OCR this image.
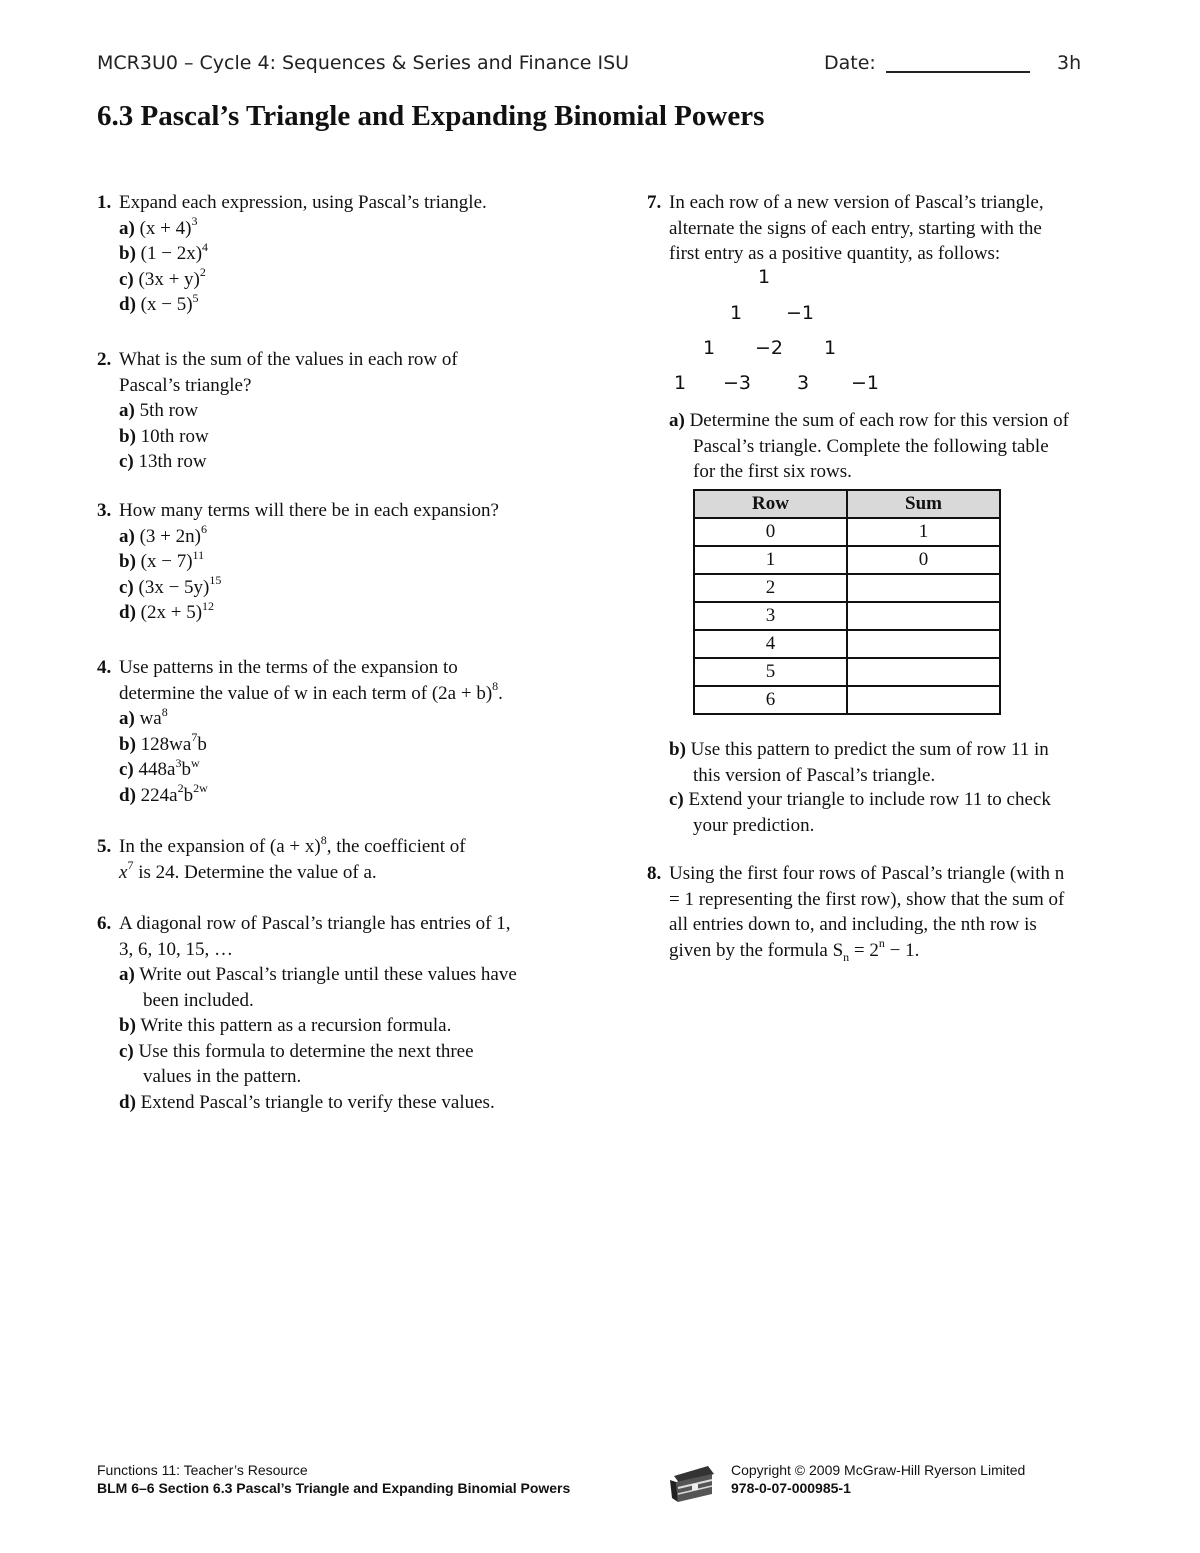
MCR3U0 – Cycle 4: Sequences & Series and Finance ISU	Date:	3h
6.3 Pascal’s Triangle and Expanding Binomial Powers
1. Expand each expression, using Pascal’s triangle.
a) $(x + 4)^3$
b) $(1 - 2x)^4$
c) $(3x + y)^2$
d) $(x - 5)^5$
2. What is the sum of the values in each row of
Pascal’s triangle?
a) 5th row
b) 10th row
c) 13th row
3. How many terms will there be in each expansion?
a) $(3 + 2n)^6$
b) $(x - 7)^{11}$
c) $(3x - 5y)^{15}$
d) $(2x + 5)^{12}$
4. Use patterns in the terms of the expansion to
determine the value of w in each term of $(2a + b)^8$.
a) $wa^8$
b) $128wa^7b$
c) $448a^3b^w$
d) $224a^2b^{2w}$
5. In the expansion of $(a + x)^8$, the coefficient of
$x^7$ is 24. Determine the value of a.
6. A diagonal row of Pascal’s triangle has entries of 1,
3, 6, 10, 15, …
a) Write out Pascal’s triangle until these values have
been included.
b) Write this pattern as a recursion formula.
c) Use this formula to determine the next three
values in the pattern.
d) Extend Pascal’s triangle to verify these values.
7. In each row of a new version of Pascal’s triangle,
alternate the signs of each entry, starting with the
first entry as a positive quantity, as follows:
1
1 −1
1 −2 1
1 −3 3 −1
a) Determine the sum of each row for this version of
Pascal’s triangle. Complete the following table
for the first six rows.
Row	Sum
0	1
1	0
2	
3	
4	
5	
6	
b) Use this pattern to predict the sum of row 11 in
this version of Pascal’s triangle.
c) Extend your triangle to include row 11 to check
your prediction.
8. Using the first four rows of Pascal’s triangle (with n
= 1 representing the first row), show that the sum of
all entries down to, and including, the nth row is
given by the formula $S_n = 2^n - 1$.
Functions 11: Teacher’s Resource
BLM 6–6 Section 6.3 Pascal’s Triangle and Expanding Binomial Powers
Copyright © 2009 McGraw-Hill Ryerson Limited
978-0-07-000985-1
